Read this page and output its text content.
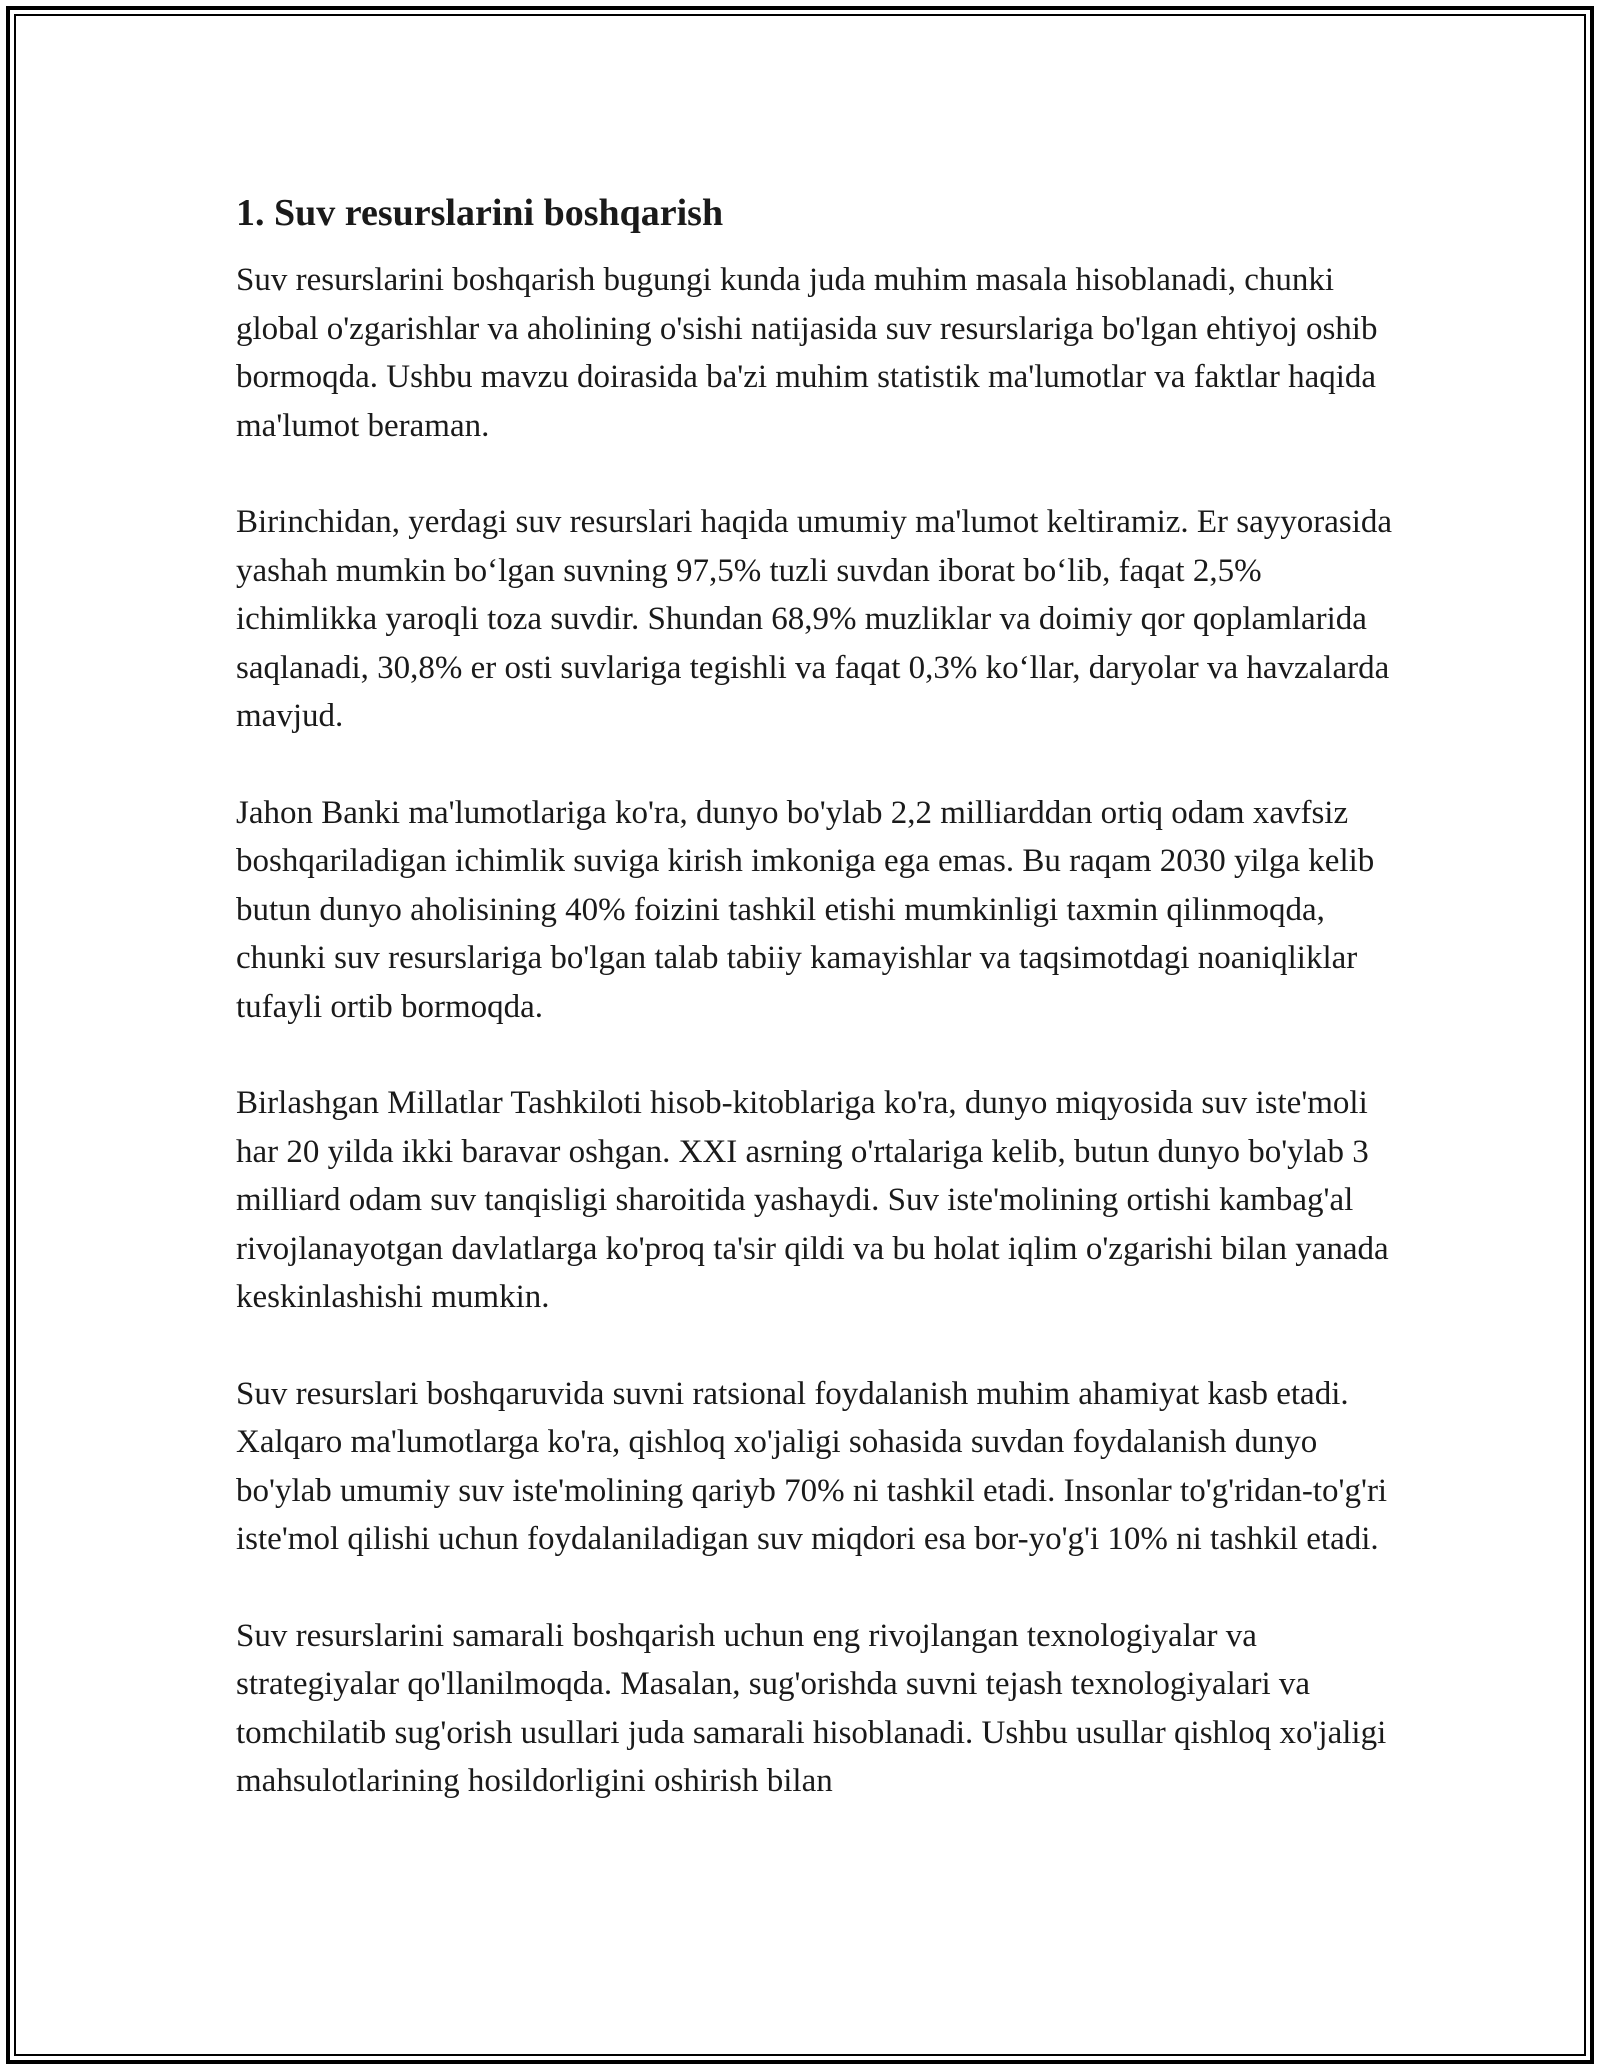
1. Suv resurslarini boshqarish

Suv resurslarini boshqarish bugungi kunda juda muhim masala hisoblanadi, chunki global o'zgarishlar va aholining o'sishi natijasida suv resurslariga bo'lgan ehtiyoj oshib bormoqda. Ushbu mavzu doirasida ba'zi muhim statistik ma'lumotlar va faktlar haqida ma'lumot beraman.

Birinchidan, yerdagi suv resurslari haqida umumiy ma'lumot keltiramiz. Er sayyorasida yashah mumkin bo‘lgan suvning 97,5% tuzli suvdan iborat bo‘lib, faqat 2,5% ichimlikka yaroqli toza suvdir. Shundan 68,9% muzliklar va doimiy qor qoplamlarida saqlanadi, 30,8% er osti suvlariga tegishli va faqat 0,3% ko‘llar, daryolar va havzalarda mavjud.

Jahon Banki ma'lumotlariga ko'ra, dunyo bo'ylab 2,2 milliarddan ortiq odam xavfsiz boshqariladigan ichimlik suviga kirish imkoniga ega emas. Bu raqam 2030 yilga kelib butun dunyo aholisining 40% foizini tashkil etishi mumkinligi taxmin qilinmoqda, chunki suv resurslariga bo'lgan talab tabiiy kamayishlar va taqsimotdagi noaniqliklar tufayli ortib bormoqda.

Birlashgan Millatlar Tashkiloti hisob-kitoblariga ko'ra, dunyo miqyosida suv iste'moli har 20 yilda ikki baravar oshgan. XXI asrning o'rtalariga kelib, butun dunyo bo'ylab 3 milliard odam suv tanqisligi sharoitida yashaydi. Suv iste'molining ortishi kambag'al rivojlanayotgan davlatlarga ko'proq ta'sir qildi va bu holat iqlim o'zgarishi bilan yanada keskinlashishi mumkin.

Suv resurslari boshqaruvida suvni ratsional foydalanish muhim ahamiyat kasb etadi. Xalqaro ma'lumotlarga ko'ra, qishloq xo'jaligi sohasida suvdan foydalanish dunyo bo'ylab umumiy suv iste'molining qariyb 70% ni tashkil etadi. Insonlar to'g'ridan-to'g'ri iste'mol qilishi uchun foydalaniladigan suv miqdori esa bor-yo'g'i 10% ni tashkil etadi.

Suv resurslarini samarali boshqarish uchun eng rivojlangan texnologiyalar va strategiyalar qo'llanilmoqda. Masalan, sug'orishda suvni tejash texnologiyalari va tomchilatib sug'orish usullari juda samarali hisoblanadi. Ushbu usullar qishloq xo'jaligi mahsulotlarining hosildorligini oshirish bilan
